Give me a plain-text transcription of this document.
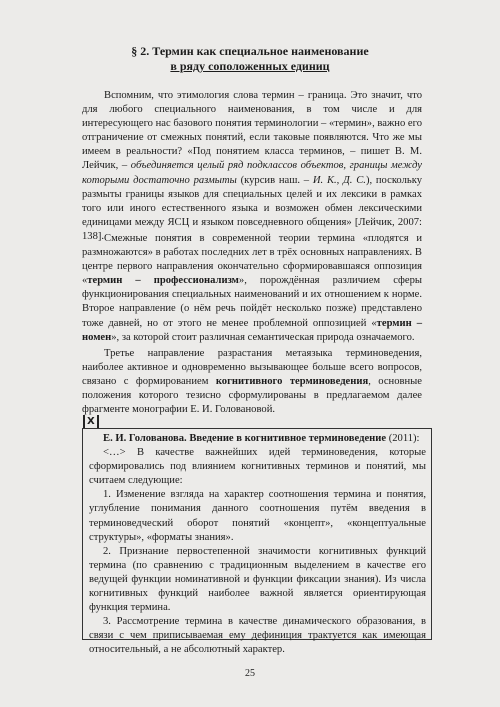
§ 2. Термин как специальное наименование
в ряду соположенных единиц

Вспомним, что этимология слова термин – граница. Это значит, что для любого специального наименования, в том числе и для интересующего нас базового понятия терминологии – «термин», важно его отграничение от смежных понятий, если таковые появляются. Что же мы имеем в реальности? «Под понятием класса терминов, – пишет В. М. Лейчик, – объединяется целый ряд подклассов объектов, границы между которыми достаточно размыты (курсив наш. – И. К., Д. С.), поскольку размыты границы языков для специальных целей и их лексики в рамках того или иного естественного языка и возможен обмен лексическими единицами между ЯСЦ и языком повседневного общения» [Лейчик, 2007: 138]. Смежные понятия в современной теории термина «плодятся и размножаются» в работах последних лет в трёх основных направлениях. В центре первого направления окончательно сформировавшаяся оппозиция «термин – профессионализм», порождённая различием сферы функционирования специальных наименований и их отношением к норме. Второе направление (о нём речь пойдёт несколько позже) представлено тоже давней, но от этого не менее проблемной оппозицией «термин – номен», за которой стоит различная семантическая природа означаемого.

Третье направление разрастания метаязыка терминоведения, наиболее активное и одновременно вызывающее больше всего вопросов, связано с формированием когнитивного терминоведения, основные положения которого тезисно сформулированы в предлагаемом далее фрагменте монографии Е. И. Головановой.

Х

Е. И. Голованова. Введение в когнитивное терминоведение (2011):

<…> В качестве важнейших идей терминоведения, которые сформировались под влиянием когнитивных терминов и понятий, мы считаем следующие:

1. Изменение взгляда на характер соотношения термина и понятия, углубление понимания данного соотношения путём введения в терминоведческий оборот понятий «концепт», «концептуальные структуры», «форматы знания».

2. Признание первостепенной значимости когнитивных функций термина (по сравнению с традиционным выделением в качестве его ведущей функции номинативной и функции фиксации знания). Из числа когнитивных функций наиболее важной является ориентирующая функция термина.

3. Рассмотрение термина в качестве динамического образования, в связи с чем приписываемая ему дефиниция трактуется как имеющая относительный, а не абсолютный характер.

25
